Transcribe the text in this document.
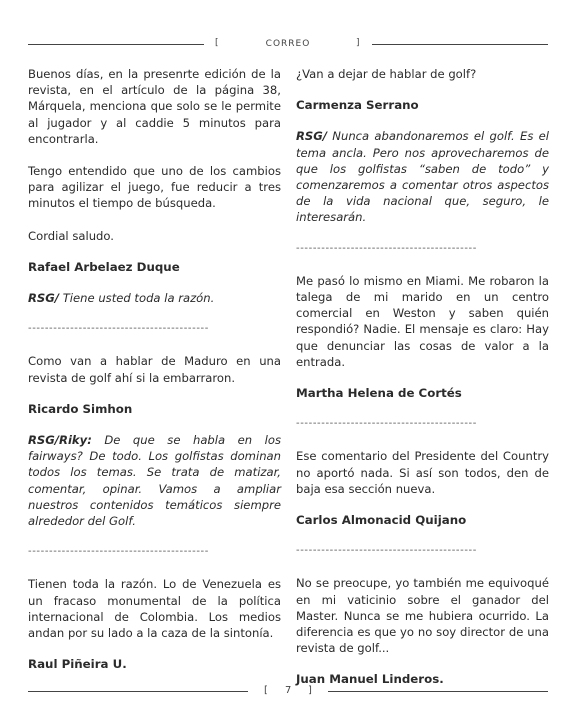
[	CORREO	]

Buenos días, en la presenrte edición de la revista, en el artículo de la página 38, Márquela, menciona que solo se le permite al jugador y al caddie 5 minutos para encontrarla.

Tengo entendido que uno de los cambios para agilizar el juego, fue reducir a tres minutos el tiempo de búsqueda.

Cordial saludo.

Rafael Arbelaez Duque

RSG/ Tiene usted toda la razón.

-------------------------------------------

Como van a hablar de Maduro en una revista de golf ahí si la embarraron.

Ricardo Simhon

RSG/Riky: De que se habla en los fairways? De todo. Los golfistas dominan todos los temas. Se trata de matizar, comentar, opinar. Vamos a ampliar nuestros contenidos temáticos siempre alrededor del Golf.

-------------------------------------------

Tienen toda la razón. Lo de Venezuela es un fracaso monumental de la política internacional de Colombia. Los medios andan por su lado a la caza de la sintonía.

Raul Piñeira U.

¿Van a dejar de hablar de golf?

Carmenza Serrano

RSG/ Nunca abandonaremos el golf. Es el tema ancla. Pero nos aprovecharemos de que los golfistas “saben de todo” y comenzaremos a comentar otros aspectos de la vida nacional que, seguro, le interesarán.

-------------------------------------------

Me pasó lo mismo en Miami. Me robaron la talega de mi marido en un centro comercial en Weston y saben quién respondió? Nadie. El mensaje es claro: Hay que denunciar las cosas de valor a la entrada.

Martha Helena de Cortés

-------------------------------------------

Ese comentario del Presidente del Country no aportó nada. Si así son todos, den de baja esa sección nueva.

Carlos Almonacid Quijano

-------------------------------------------

No se preocupe, yo también me equivoqué en mi vaticinio sobre el ganador del Master. Nunca se me hubiera ocurrido. La diferencia es que yo no soy director de una revista de golf...

Juan Manuel Linderos.

[ 7 ]
